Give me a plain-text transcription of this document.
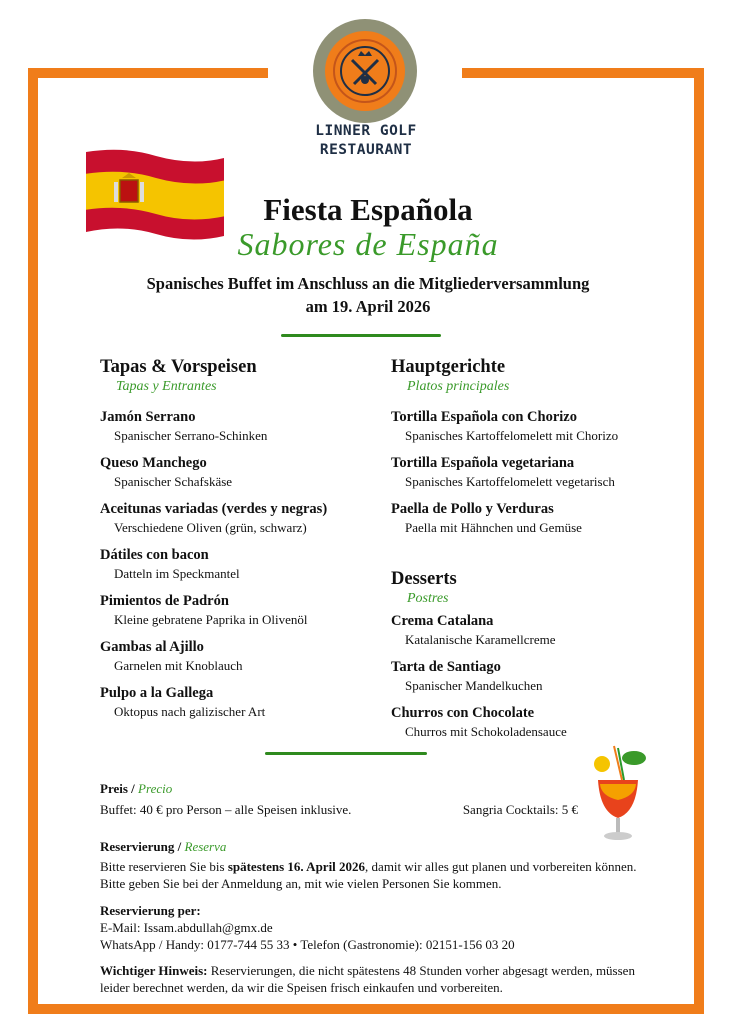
LINNER GOLF
RESTAURANT
Fiesta Española
Sabores de España
Spanisches Buffet im Anschluss an die Mitgliederversammlung
am 19. April 2026
Tapas & Vorspeisen
Tapas y Entrantes
Jamón Serrano
Spanischer Serrano-Schinken
Queso Manchego
Spanischer Schafskäse
Aceitunas variadas (verdes y negras)
Verschiedene Oliven (grün, schwarz)
Dátiles con bacon
Datteln im Speckmantel
Pimientos de Padrón
Kleine gebratene Paprika in Olivenöl
Gambas al Ajillo
Garnelen mit Knoblauch
Pulpo a la Gallega
Oktopus nach galizischer Art
Hauptgerichte
Platos principales
Tortilla Española con Chorizo
Spanisches Kartoffelomelett mit Chorizo
Tortilla Española vegetariana
Spanisches Kartoffelomelett vegetarisch
Paella de Pollo y Verduras
Paella mit Hähnchen und Gemüse
Desserts
Postres
Crema Catalana
Katalanische Karamellcreme
Tarta de Santiago
Spanischer Mandelkuchen
Churros con Chocolate
Churros mit Schokoladensauce
Preis / Precio
Buffet: 40 € pro Person – alle Speisen inklusive.	Sangria Cocktails: 5 €
Reservierung / Reserva
Bitte reservieren Sie bis spätestens 16. April 2026, damit wir alles gut planen und vorbereiten können. Bitte geben Sie bei der Anmeldung an, mit wie vielen Personen Sie kommen.
Reservierung per:
E-Mail: Issam.abdullah@gmx.de
WhatsApp / Handy: 0177-744 55 33 • Telefon (Gastronomie): 02151-156 03 20
Wichtiger Hinweis: Reservierungen, die nicht spätestens 48 Stunden vorher abgesagt werden, müssen leider berechnet werden, da wir die Speisen frisch einkaufen und vorbereiten.
